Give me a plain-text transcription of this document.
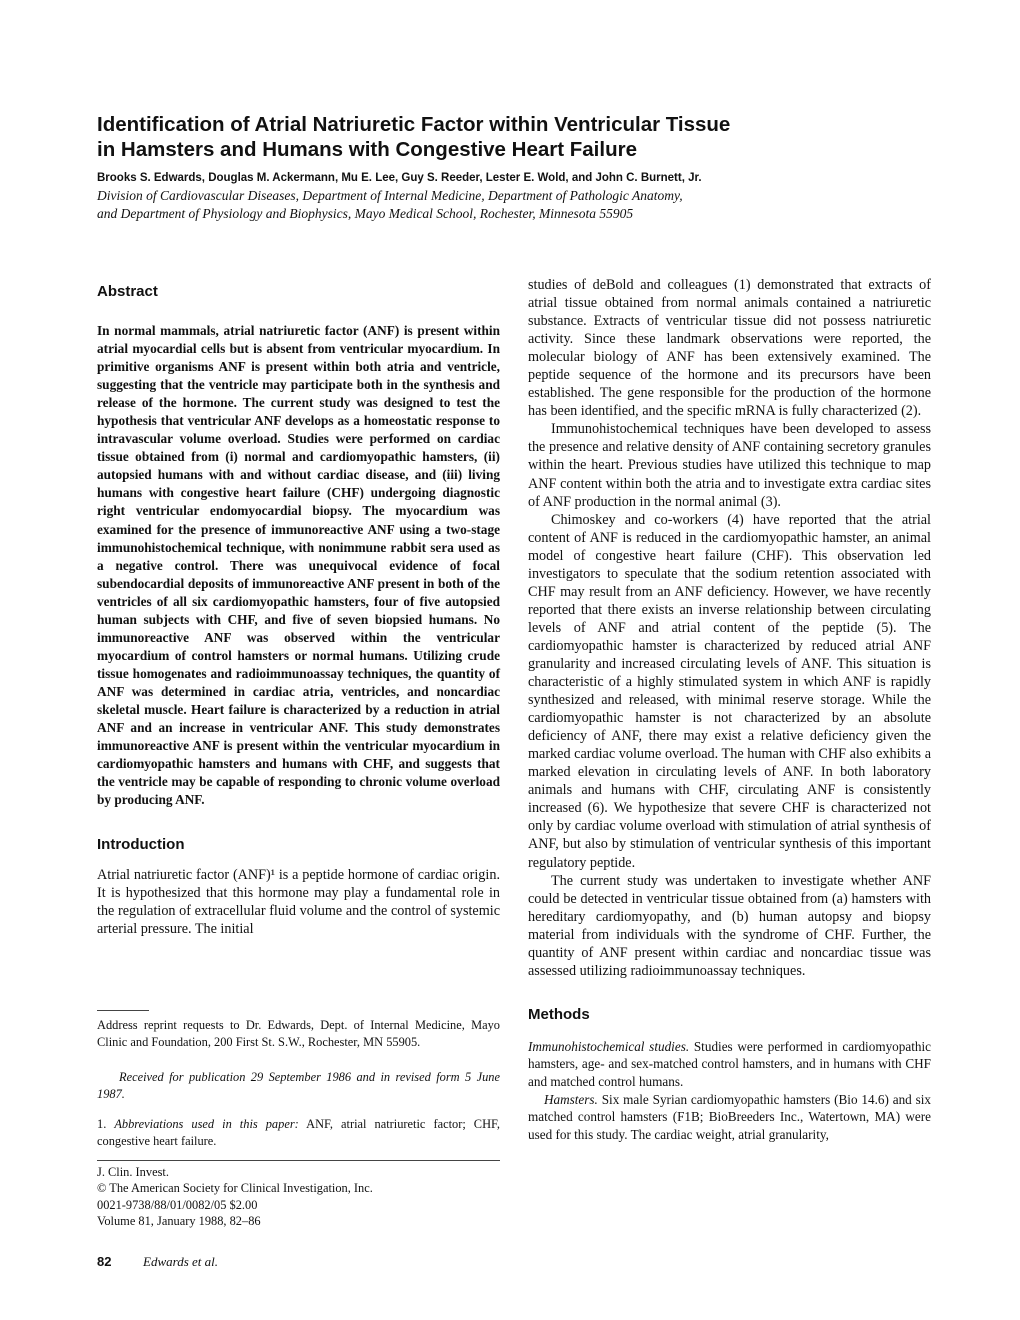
Identification of Atrial Natriuretic Factor within Ventricular Tissue
in Hamsters and Humans with Congestive Heart Failure
Brooks S. Edwards, Douglas M. Ackermann, Mu E. Lee, Guy S. Reeder, Lester E. Wold, and John C. Burnett, Jr.
Division of Cardiovascular Diseases, Department of Internal Medicine, Department of Pathologic Anatomy,
and Department of Physiology and Biophysics, Mayo Medical School, Rochester, Minnesota 55905
Abstract

In normal mammals, atrial natriuretic factor (ANF) is present within atrial myocardial cells but is absent from ventricular myocardium. In primitive organisms ANF is present within both atria and ventricle, suggesting that the ventricle may participate both in the synthesis and release of the hormone. The current study was designed to test the hypothesis that ventricular ANF develops as a homeostatic response to intravascular volume overload. Studies were performed on cardiac tissue obtained from (i) normal and cardiomyopathic hamsters, (ii) autopsied humans with and without cardiac disease, and (iii) living humans with congestive heart failure (CHF) undergoing diagnostic right ventricular endomyocardial biopsy. The myocardium was examined for the presence of immunoreactive ANF using a two-stage immunohistochemical technique, with nonimmune rabbit sera used as a negative control. There was unequivocal evidence of focal subendocardial deposits of immunoreactive ANF present in both of the ventricles of all six cardiomyopathic hamsters, four of five autopsied human subjects with CHF, and five of seven biopsied humans. No immunoreactive ANF was observed within the ventricular myocardium of control hamsters or normal humans. Utilizing crude tissue homogenates and radioimmunoassay techniques, the quantity of ANF was determined in cardiac atria, ventricles, and noncardiac skeletal muscle. Heart failure is characterized by a reduction in atrial ANF and an increase in ventricular ANF. This study demonstrates immunoreactive ANF is present within the ventricular myocardium in cardiomyopathic hamsters and humans with CHF, and suggests that the ventricle may be capable of responding to chronic volume overload by producing ANF.

Introduction

Atrial natriuretic factor (ANF)¹ is a peptide hormone of cardiac origin. It is hypothesized that this hormone may play a fundamental role in the regulation of extracellular fluid volume and the control of systemic arterial pressure. The initial

Address reprint requests to Dr. Edwards, Dept. of Internal Medicine, Mayo Clinic and Foundation, 200 First St. S.W., Rochester, MN 55905.

Received for publication 29 September 1986 and in revised form 5 June 1987.

1. Abbreviations used in this paper: ANF, atrial natriuretic factor; CHF, congestive heart failure.

J. Clin. Invest.
© The American Society for Clinical Investigation, Inc.
0021-9738/88/01/0082/05 $2.00
Volume 81, January 1988, 82–86

studies of deBold and colleagues (1) demonstrated that extracts of atrial tissue obtained from normal animals contained a natriuretic substance. Extracts of ventricular tissue did not possess natriuretic activity. Since these landmark observations were reported, the molecular biology of ANF has been extensively examined. The peptide sequence of the hormone and its precursors have been established. The gene responsible for the production of the hormone has been identified, and the specific mRNA is fully characterized (2).

Immunohistochemical techniques have been developed to assess the presence and relative density of ANF containing secretory granules within the heart. Previous studies have utilized this technique to map ANF content within both the atria and to investigate extra cardiac sites of ANF production in the normal animal (3).

Chimoskey and co-workers (4) have reported that the atrial content of ANF is reduced in the cardiomyopathic hamster, an animal model of congestive heart failure (CHF). This observation led investigators to speculate that the sodium retention associated with CHF may result from an ANF deficiency. However, we have recently reported that there exists an inverse relationship between circulating levels of ANF and atrial content of the peptide (5). The cardiomyopathic hamster is characterized by reduced atrial ANF granularity and increased circulating levels of ANF. This situation is characteristic of a highly stimulated system in which ANF is rapidly synthesized and released, with minimal reserve storage. While the cardiomyopathic hamster is not characterized by an absolute deficiency of ANF, there may exist a relative deficiency given the marked cardiac volume overload. The human with CHF also exhibits a marked elevation in circulating levels of ANF. In both laboratory animals and humans with CHF, circulating ANF is consistently increased (6). We hypothesize that severe CHF is characterized not only by cardiac volume overload with stimulation of atrial synthesis of ANF, but also by stimulation of ventricular synthesis of this important regulatory peptide.

The current study was undertaken to investigate whether ANF could be detected in ventricular tissue obtained from (a) hamsters with hereditary cardiomyopathy, and (b) human autopsy and biopsy material from individuals with the syndrome of CHF. Further, the quantity of ANF present within cardiac and noncardiac tissue was assessed utilizing radioimmunoassay techniques.

Methods

Immunohistochemical studies. Studies were performed in cardiomyopathic hamsters, age- and sex-matched control hamsters, and in humans with CHF and matched control humans.

Hamsters. Six male Syrian cardiomyopathic hamsters (Bio 14.6) and six matched control hamsters (F1B; BioBreeders Inc., Watertown, MA) were used for this study. The cardiac weight, atrial granularity,

82 Edwards et al.
